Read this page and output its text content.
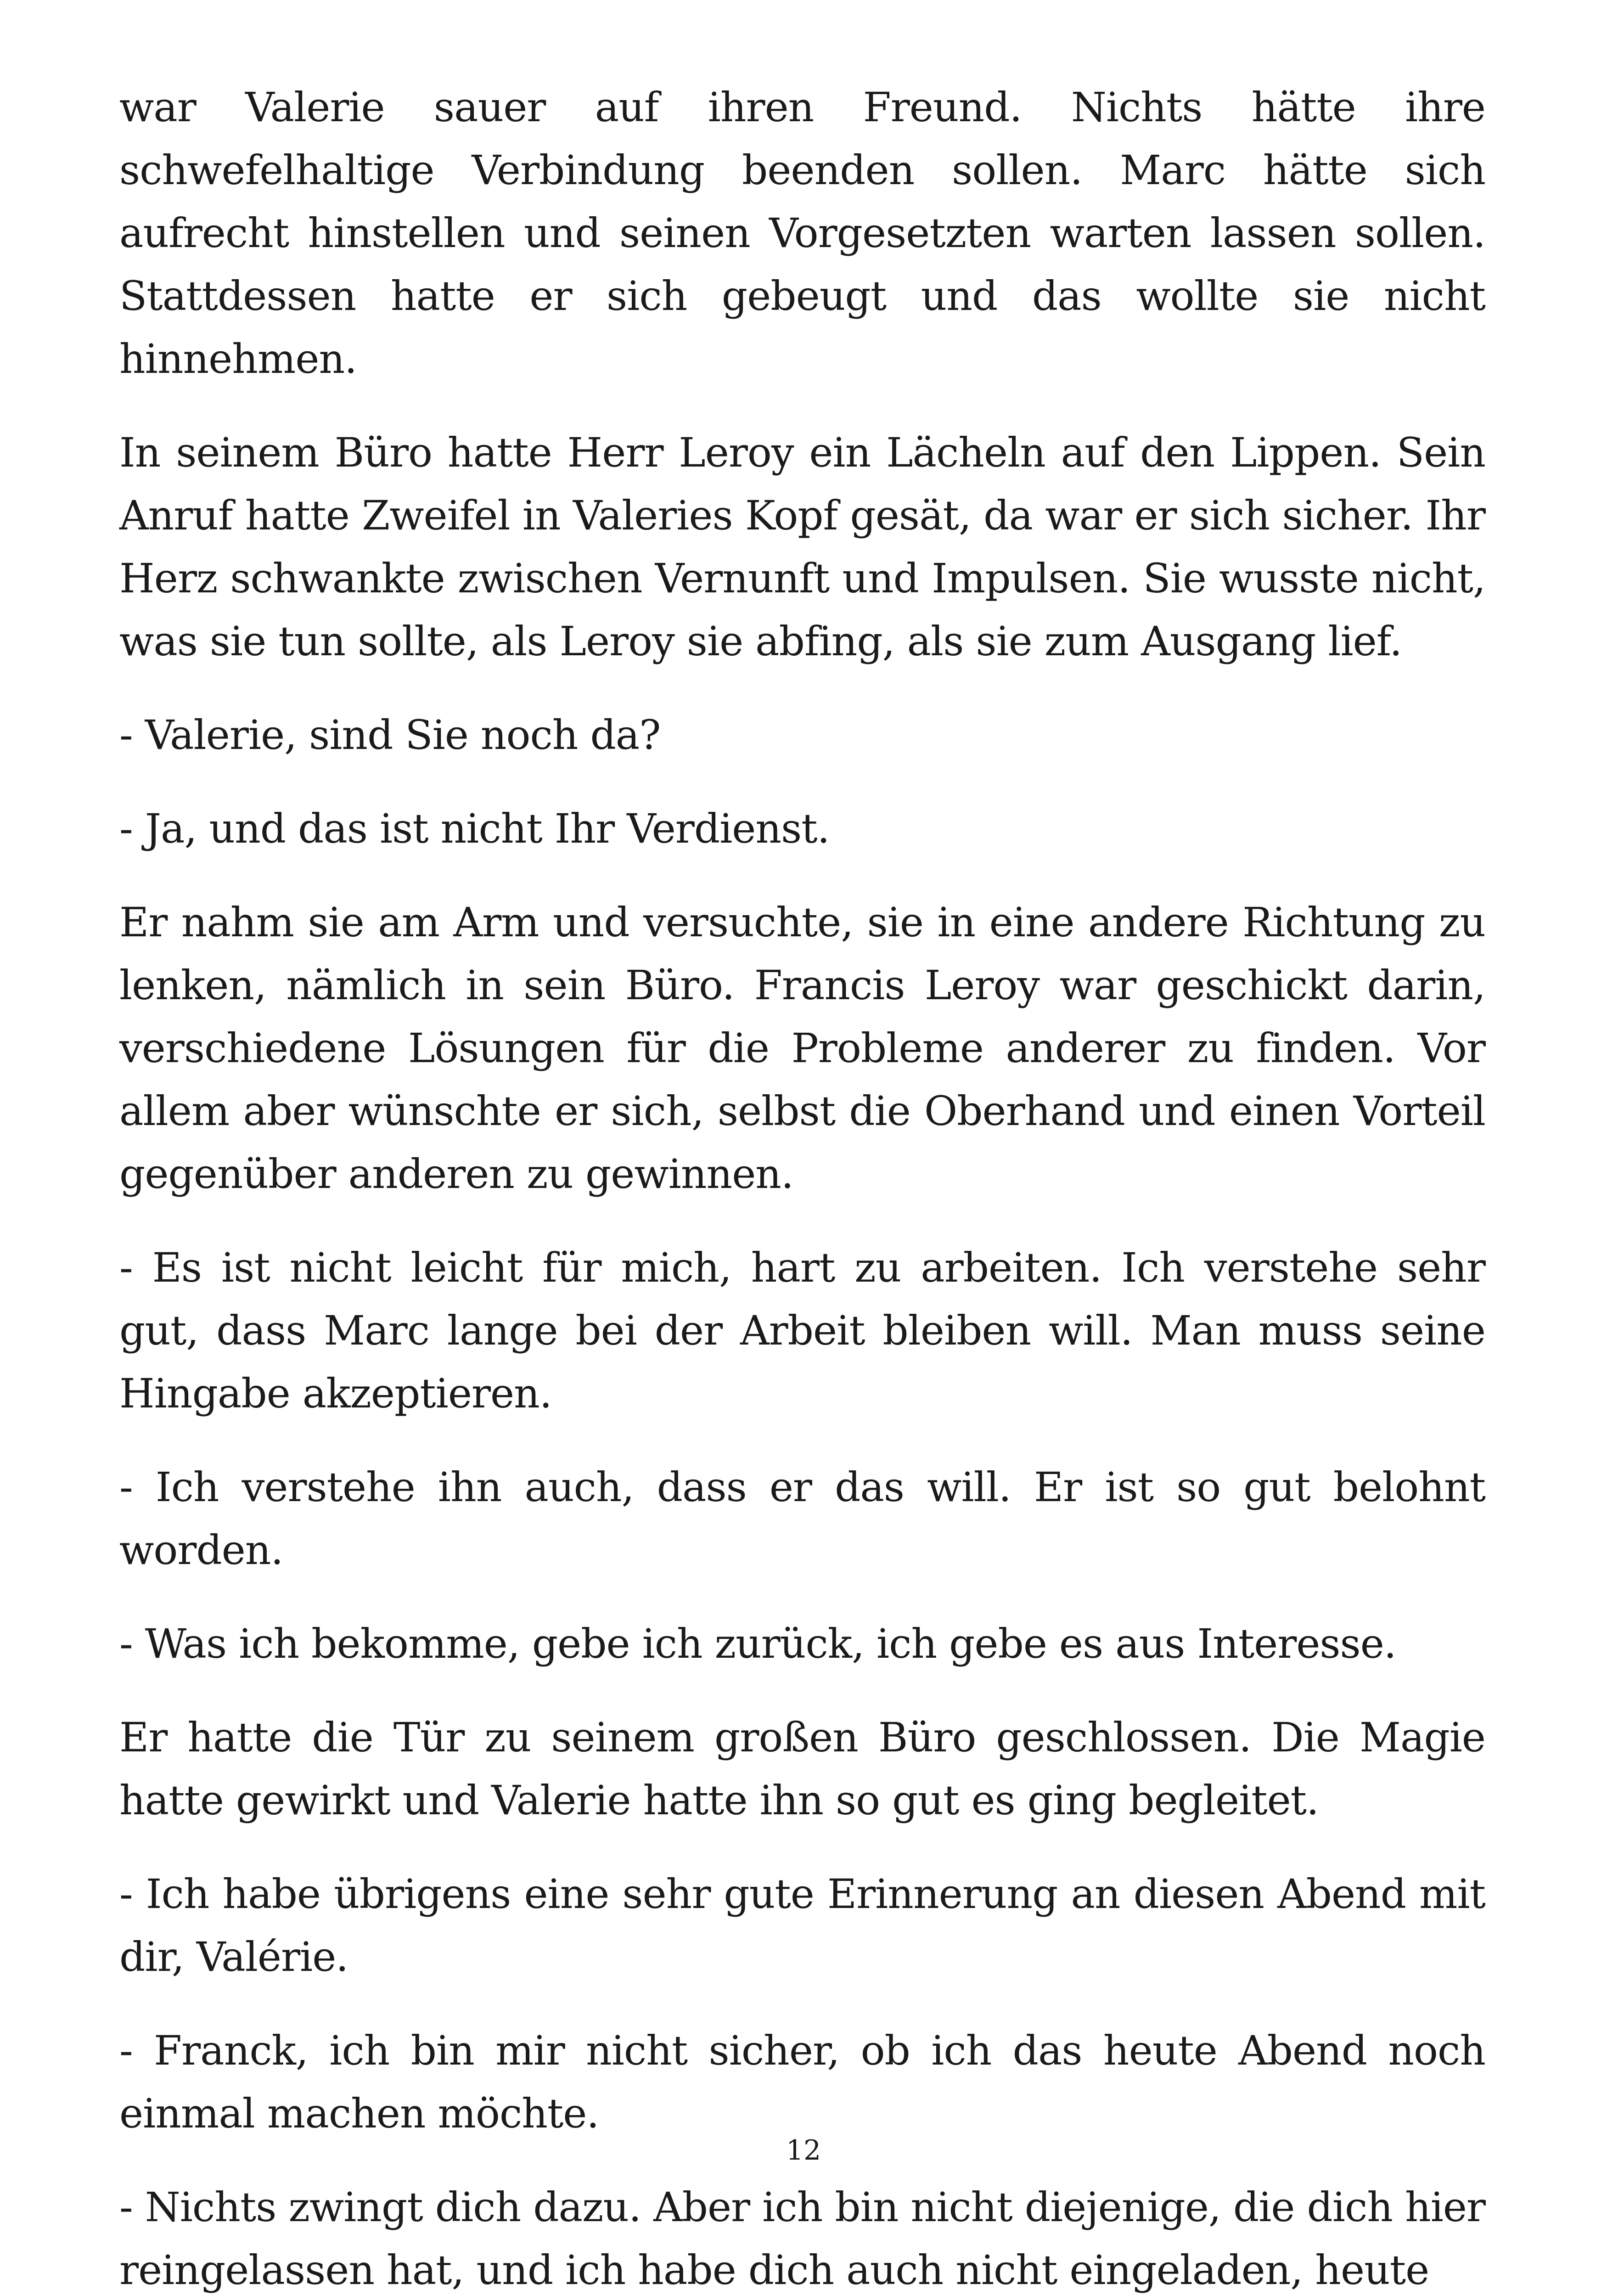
war Valerie sauer auf ihren Freund. Nichts hätte ihre schwefelhaltige Verbindung beenden sollen. Marc hätte sich aufrecht hinstellen und seinen Vorgesetzten warten lassen sollen. Stattdessen hatte er sich gebeugt und das wollte sie nicht hinnehmen.

In seinem Büro hatte Herr Leroy ein Lächeln auf den Lippen. Sein Anruf hatte Zweifel in Valeries Kopf gesät, da war er sich sicher. Ihr Herz schwankte zwischen Vernunft und Impulsen. Sie wusste nicht, was sie tun sollte, als Leroy sie abfing, als sie zum Ausgang lief.

- Valerie, sind Sie noch da?

- Ja, und das ist nicht Ihr Verdienst.

Er nahm sie am Arm und versuchte, sie in eine andere Richtung zu lenken, nämlich in sein Büro. Francis Leroy war geschickt darin, verschiedene Lösungen für die Probleme anderer zu finden. Vor allem aber wünschte er sich, selbst die Oberhand und einen Vorteil gegenüber anderen zu gewinnen.

- Es ist nicht leicht für mich, hart zu arbeiten. Ich verstehe sehr gut, dass Marc lange bei der Arbeit bleiben will. Man muss seine Hingabe akzeptieren.

- Ich verstehe ihn auch, dass er das will. Er ist so gut belohnt worden.

- Was ich bekomme, gebe ich zurück, ich gebe es aus Interesse.

Er hatte die Tür zu seinem großen Büro geschlossen. Die Magie hatte gewirkt und Valerie hatte ihn so gut es ging begleitet.

- Ich habe übrigens eine sehr gute Erinnerung an diesen Abend mit dir, Valérie.

- Franck, ich bin mir nicht sicher, ob ich das heute Abend noch einmal machen möchte.

- Nichts zwingt dich dazu. Aber ich bin nicht diejenige, die dich hier reingelassen hat, und ich habe dich auch nicht eingeladen, heute

12
